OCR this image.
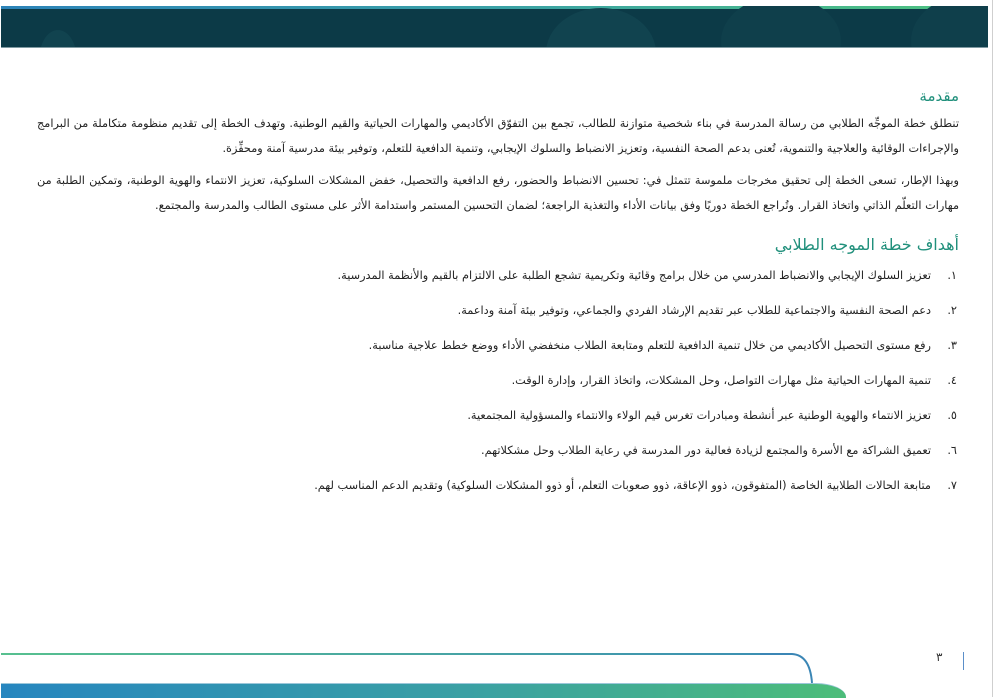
مقدمة

تنطلق خطة الموجِّه الطلابي من رسالة المدرسة في بناء شخصية متوازنة للطالب، تجمع بين التفوّق الأكاديمي والمهارات الحياتية والقيم الوطنية. وتهدف الخطة إلى تقديم منظومة متكاملة من البرامج والإجراءات الوقائية والعلاجية والتنموية، تُعنى بدعم الصحة النفسية، وتعزيز الانضباط والسلوك الإيجابي، وتنمية الدافعية للتعلم، وتوفير بيئة مدرسية آمنة ومحفِّزة.

وبهذا الإطار، تسعى الخطة إلى تحقيق مخرجات ملموسة تتمثل في: تحسين الانضباط والحضور، رفع الدافعية والتحصيل، خفض المشكلات السلوكية، تعزيز الانتماء والهوية الوطنية، وتمكين الطلبة من مهارات التعلّم الذاتي واتخاذ القرار. وتُراجع الخطة دوريًا وفق بيانات الأداء والتغذية الراجعة؛ لضمان التحسين المستمر واستدامة الأثر على مستوى الطالب والمدرسة والمجتمع.

أهداف خطة الموجه الطلابي
١.
تعزيز السلوك الإيجابي والانضباط المدرسي من خلال برامج وقائية وتكريمية تشجع الطلبة على الالتزام بالقيم والأنظمة المدرسية.
٢.
دعم الصحة النفسية والاجتماعية للطلاب عبر تقديم الإرشاد الفردي والجماعي، وتوفير بيئة آمنة وداعمة.
٣.
رفع مستوى التحصيل الأكاديمي من خلال تنمية الدافعية للتعلم ومتابعة الطلاب منخفضي الأداء ووضع خطط علاجية مناسبة.
٤.
تنمية المهارات الحياتية مثل مهارات التواصل، وحل المشكلات، واتخاذ القرار، وإدارة الوقت.
٥.
تعزيز الانتماء والهوية الوطنية عبر أنشطة ومبادرات تغرس قيم الولاء والانتماء والمسؤولية المجتمعية.
٦.
تعميق الشراكة مع الأسرة والمجتمع لزيادة فعالية دور المدرسة في رعاية الطلاب وحل مشكلاتهم.
٧.
متابعة الحالات الطلابية الخاصة (المتفوقون، ذوو الإعاقة، ذوو صعوبات التعلم، أو ذوو المشكلات السلوكية) وتقديم الدعم المناسب لهم.
٣
